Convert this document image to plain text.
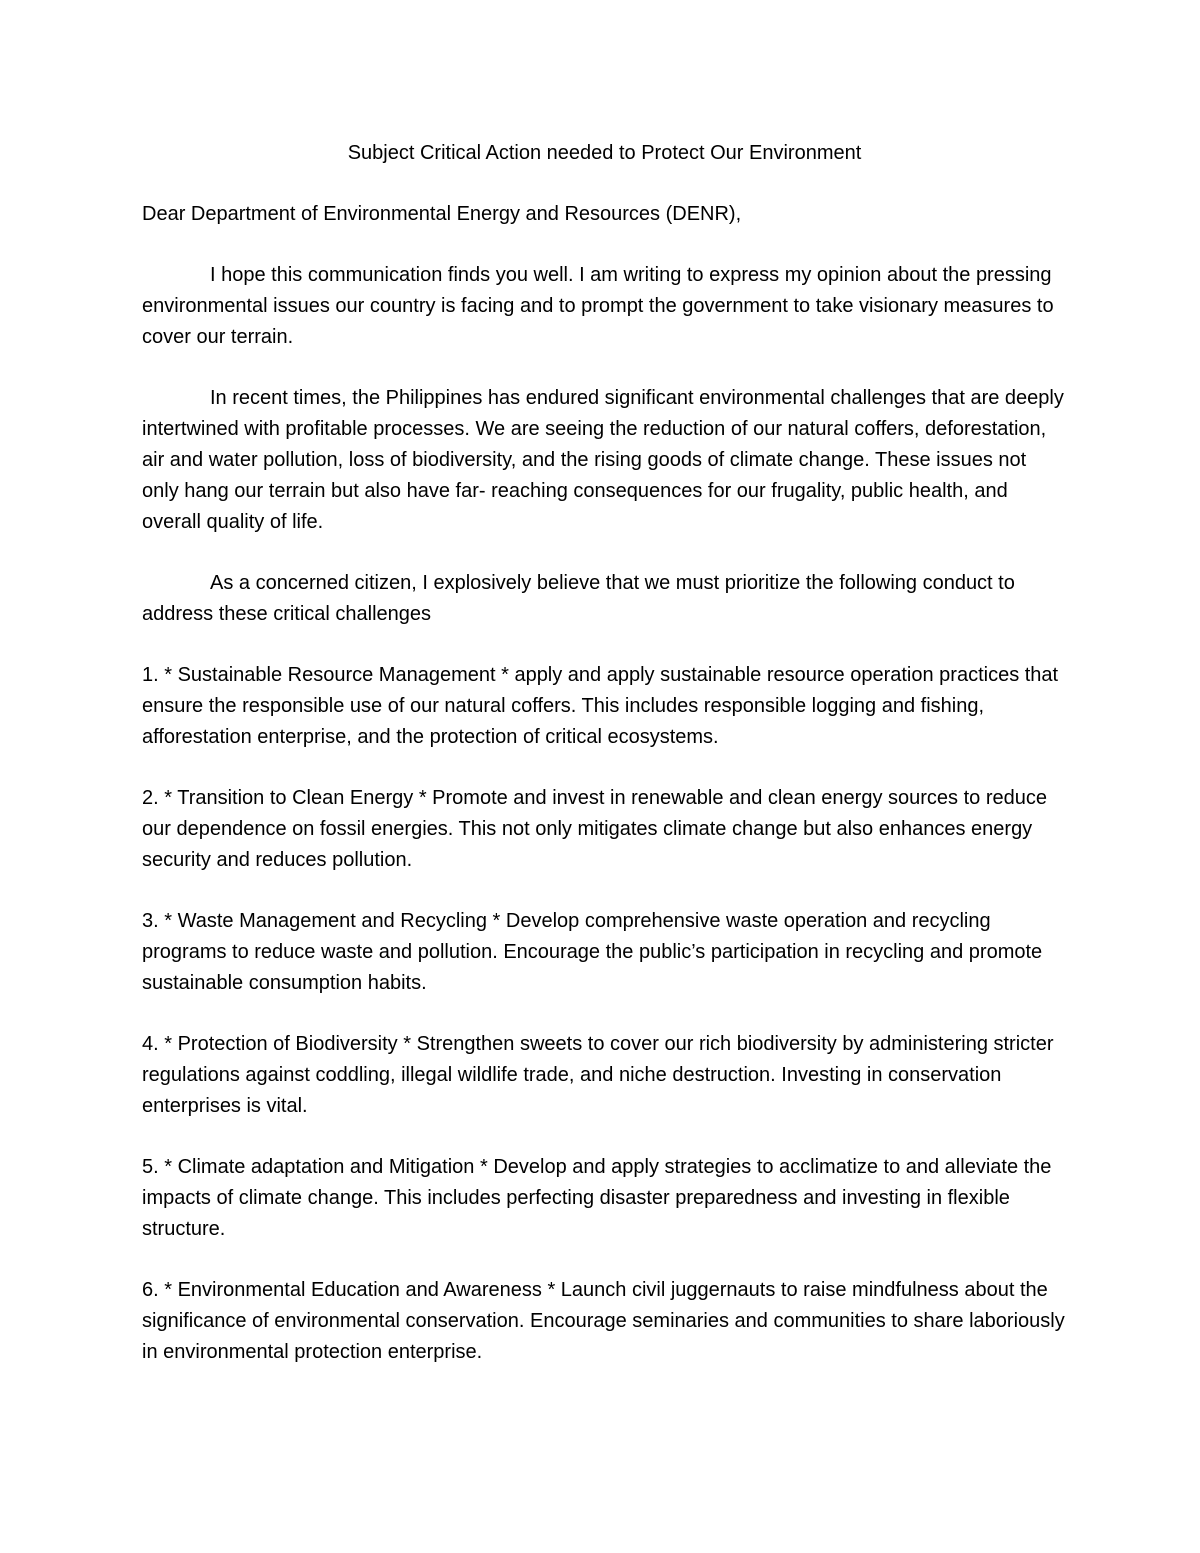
Subject Critical Action needed to Protect Our Environment
Dear Department of Environmental Energy and Resources (DENR),
I hope this communication finds you well. I am writing to express my opinion about the pressing environmental issues our country is facing and to prompt the government to take visionary measures to cover our terrain.
In recent times, the Philippines has endured significant environmental challenges that are deeply intertwined with profitable processes. We are seeing the reduction of our natural coffers, deforestation, air and water pollution, loss of biodiversity, and the rising goods of climate change. These issues not only hang our terrain but also have far- reaching consequences for our frugality, public health, and overall quality of life.
As a concerned citizen, I explosively believe that we must prioritize the following conduct to address these critical challenges
1. * Sustainable Resource Management * apply and apply sustainable resource operation practices that ensure the responsible use of our natural coffers. This includes responsible logging and fishing, afforestation enterprise, and the protection of critical ecosystems.
2. * Transition to Clean Energy * Promote and invest in renewable and clean energy sources to reduce our dependence on fossil energies. This not only mitigates climate change but also enhances energy security and reduces pollution.
3. * Waste Management and Recycling * Develop comprehensive waste operation and recycling programs to reduce waste and pollution. Encourage the public’s participation in recycling and promote sustainable consumption habits.
4. * Protection of Biodiversity * Strengthen sweets to cover our rich biodiversity by administering stricter regulations against coddling, illegal wildlife trade, and niche destruction. Investing in conservation enterprises is vital.
5. * Climate adaptation and Mitigation * Develop and apply strategies to acclimatize to and alleviate the impacts of climate change. This includes perfecting disaster preparedness and investing in flexible structure.
6. * Environmental Education and Awareness * Launch civil juggernauts to raise mindfulness about the significance of environmental conservation. Encourage seminaries and communities to share laboriously in environmental protection enterprise.
